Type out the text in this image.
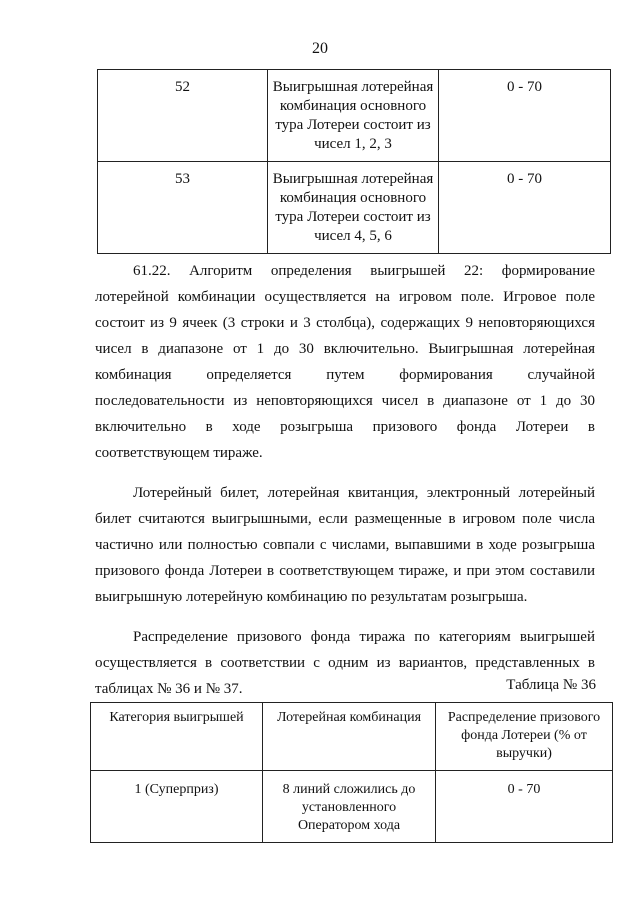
20
52	Выигрышная лотерейная комбинация основного тура Лотереи состоит из чисел 1, 2, 3	0 - 70
53	Выигрышная лотерейная комбинация основного тура Лотереи состоит из чисел 4, 5, 6	0 - 70

61.22. Алгоритм определения выигрышей 22: формирование лотерейной комбинации осуществляется на игровом поле. Игровое поле состоит из 9 ячеек (3 строки и 3 столбца), содержащих 9 неповторяющихся чисел в диапазоне от 1 до 30 включительно. Выигрышная лотерейная комбинация определяется путем формирования случайной последовательности из неповторяющихся чисел в диапазоне от 1 до 30 включительно в ходе розыгрыша призового фонда Лотереи в соответствующем тираже.

Лотерейный билет, лотерейная квитанция, электронный лотерейный билет считаются выигрышными, если размещенные в игровом поле числа частично или полностью совпали с числами, выпавшими в ходе розыгрыша призового фонда Лотереи в соответствующем тираже, и при этом составили выигрышную лотерейную комбинацию по результатам розыгрыша.

Распределение призового фонда тиража по категориям выигрышей осуществляется в соответствии с одним из вариантов, представленных в таблицах № 36 и № 37.	Таблица № 36
Категория выигрышей	Лотерейная комбинация	Распределение призового фонда Лотереи (% от выручки)
1 (Суперприз)	8 линий сложились до установленного Оператором хода	0 - 70
